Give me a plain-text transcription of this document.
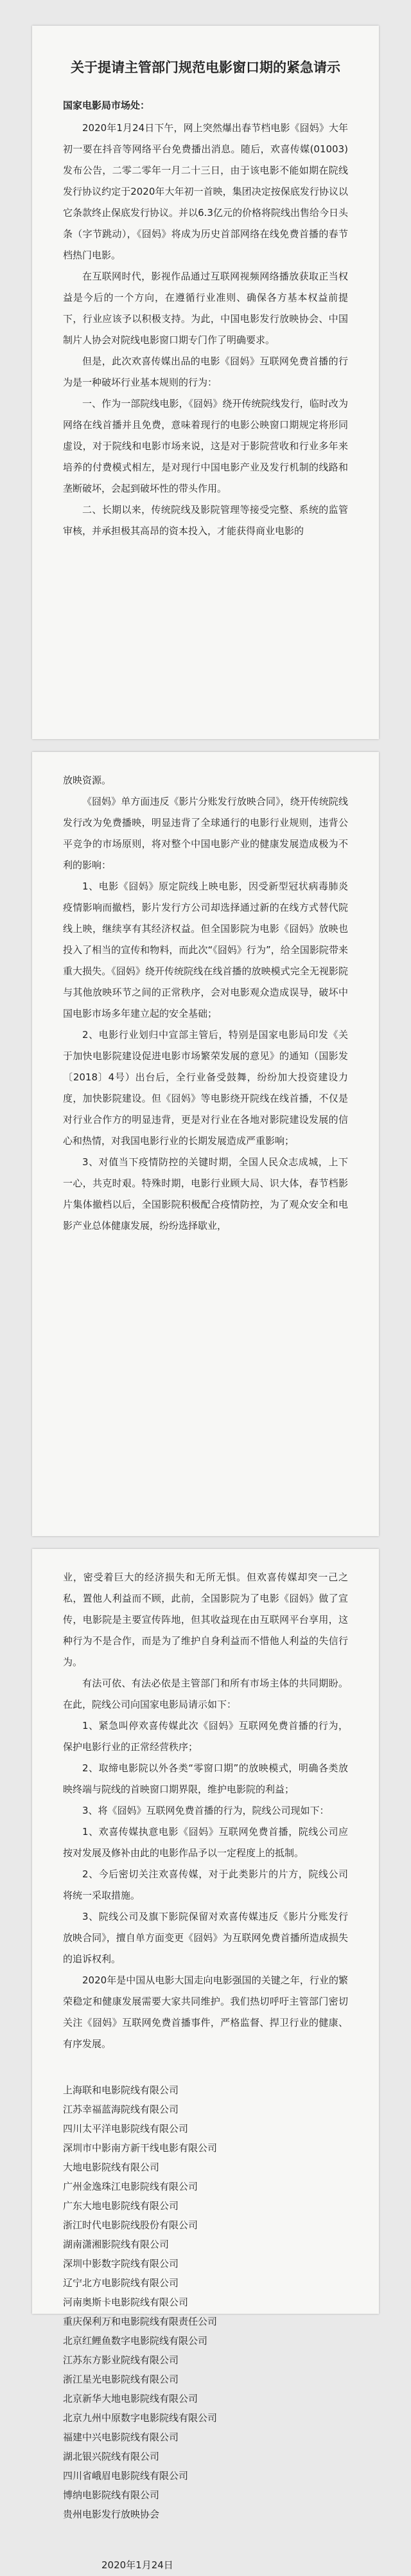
关于提请主管部门规范电影窗口期的紧急请示
国家电影局市场处：

2020年1月24日下午，网上突然爆出春节档电影《囧妈》大年初一要在抖音等网络平台免费播出消息。随后，欢喜传媒(01003)发布公告，二零二零年一月二十三日，由于该电影不能如期在院线发行协议约定于2020年大年初一首映，集团决定按保底发行协议以它条款终止保底发行协议。并以6.3亿元的价格将院线出售给今日头条（字节跳动），《囧妈》将成为历史首部网络在线免费首播的春节档热门电影。

在互联网时代，影视作品通过互联网视频网络播放获取正当权益是今后的一个方向，在遵循行业准则、确保各方基本权益前提下，行业应该予以积极支持。为此，中国电影发行放映协会、中国制片人协会对院线电影窗口期专门作了明确要求。

但是，此次欢喜传媒出品的电影《囧妈》互联网免费首播的行为是一种破坏行业基本规则的行为：

一、作为一部院线电影，《囧妈》绕开传统院线发行，临时改为网络在线首播并且免费，意味着现行的电影公映窗口期规定将形同虚设，对于院线和电影市场来说，这是对于影院营收和行业多年来培养的付费模式相左，是对现行中国电影产业及发行机制的线路和垄断破坏，会起到破坏性的带头作用。

二、长期以来，传统院线及影院管理等接受完整、系统的监管审核，并承担极其高昂的资本投入，才能获得商业电影的

放映资源。

《囧妈》单方面违反《影片分账发行放映合同》，绕开传统院线发行改为免费播映，明显违背了全球通行的电影行业规则，违背公平竞争的市场原则，将对整个中国电影产业的健康发展造成极为不利的影响：

1、电影《囧妈》原定院线上映电影，因受新型冠状病毒肺炎疫情影响而撤档，影片发行方公司却选择通过新的在线方式替代院线上映，继续享有其经济权益。但全国影院为电影《囧妈》放映也投入了相当的宣传和物料，而此次“《囧妈》行为”，给全国影院带来重大损失。《囧妈》绕开传统院线在线首播的放映模式完全无视影院与其他放映环节之间的正常秩序，会对电影观众造成误导，破坏中国电影市场多年建立起的安全基础；

2、电影行业划归中宣部主管后，特别是国家电影局印发《关于加快电影院建设促进电影市场繁荣发展的意见》的通知（国影发〔2018〕4号）出台后，全行业备受鼓舞，纷纷加大投资建设力度，加快影院建设。但《囧妈》等电影绕开院线在线首播，不仅是对行业合作方的明显违背，更是对行业在各地对影院建设发展的信心和热情，对我国电影行业的长期发展造成严重影响；

3、对值当下疫情防控的关键时期，全国人民众志成城，上下一心，共克时艰。特殊时期，电影行业顾大局、识大体，春节档影片集体撤档以后，全国影院积极配合疫情防控，为了观众安全和电影产业总体健康发展，纷纷选择歇业，

业，密受着巨大的经济损失和无所无惧。但欢喜传媒却突一己之私，置他人利益而不顾，此前，全国影院为了电影《囧妈》做了宣传，电影院是主要宣传阵地，但其收益现在由互联网平台享用，这种行为不是合作，而是为了维护自身利益而不惜他人利益的失信行为。

有法可依、有法必依是主管部门和所有市场主体的共同期盼。在此，院线公司向国家电影局请示如下：

1、紧急叫停欢喜传媒此次《囧妈》互联网免费首播的行为，保护电影行业的正常经营秩序；

2、取缔电影院以外各类“零窗口期”的放映模式，明确各类放映终端与院线的首映窗口期界限，维护电影院的利益；

3、将《囧妈》互联网免费首播的行为，院线公司现如下：

1、欢喜传媒执意电影《囧妈》互联网免费首播，院线公司应按对发展及修补由此的电影作品予以一定程度上的抵制。

2、今后密切关注欢喜传媒，对于此类影片的片方，院线公司将统一采取措施。

3、院线公司及旗下影院保留对欢喜传媒违反《影片分账发行放映合同》，擅自单方面变更《囧妈》为互联网免费首播所造成损失的追诉权利。

2020年是中国从电影大国走向电影强国的关键之年，行业的繁荣稳定和健康发展需要大家共同维护。我们热切呼吁主管部门密切关注《囧妈》互联网免费首播事件，严格监督、捍卫行业的健康、有序发展。

上海联和电影院线有限公司
江苏幸福蓝海院线有限公司
四川太平洋电影院线有限公司
深圳市中影南方新干线电影有限公司
大地电影院线有限公司
广州金逸珠江电影院线有限公司
广东大地电影院线有限公司
浙江时代电影院线股份有限公司
湖南潇湘影院线有限公司
深圳中影数字院线有限公司
辽宁北方电影院线有限公司
河南奥斯卡电影院线有限公司
重庆保利万和电影院线有限责任公司
北京红鲤鱼数字电影院线有限公司
江苏东方影业院线有限公司
浙江星光电影院线有限公司
北京新华大地电影院线有限公司
北京九州中原数字电影院线有限公司
福建中兴电影院线有限公司
湖北银兴院线有限公司
四川省峨眉电影院线有限公司
博纳电影院线有限公司
贵州电影发行放映协会
2020年1月24日
